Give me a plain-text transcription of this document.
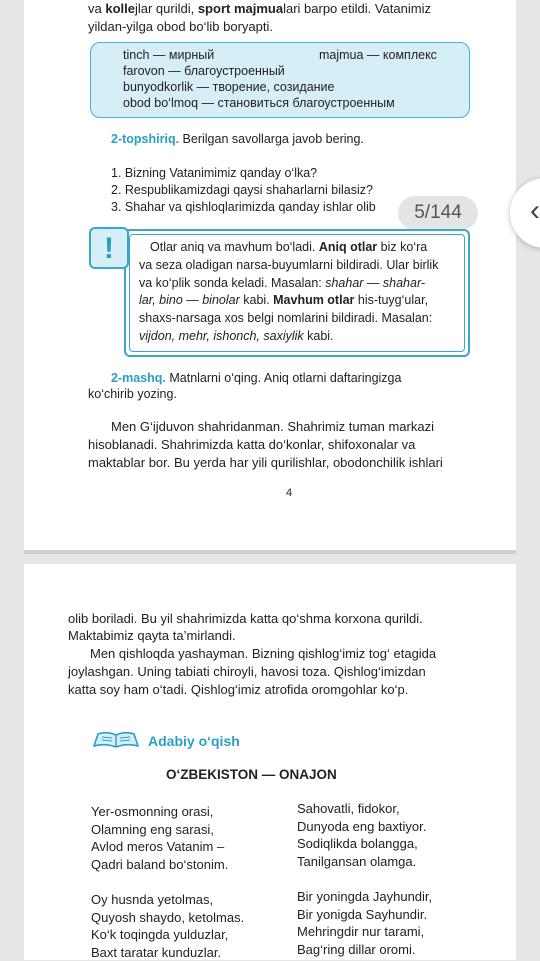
va kollejlar qurildi, sport majmualari barpo etildi. Vatanimiz
yildan-yilga obod bo‘lib boryapti.
tinch — мирный	majmua — комплекс
farovon — благоустроенный
bunyodkorlik — творение, созидание
obod bo‘lmoq — становиться благоустроенным
2-topshiriq. Berilgan savollarga javob bering.
1. Bizning Vatanimimiz qanday o‘lka?
2. Respublikamizdagi qaysi shaharlarni bilasiz?
3. Shahar va qishloqlarimizda qanday ishlar olib	5/144
!	Otlar aniq va mavhum bo‘ladi. Aniq otlar biz ko‘ra
va seza oladigan narsa-buyumlarni bildiradi. Ular birlik
va ko‘plik sonda keladi. Masalan: shahar — shahar-
lar, bino — binolar kabi. Mavhum otlar his-tuyg‘ular,
shaxs-narsaga xos belgi nomlarini bildiradi. Masalan:
vijdon, mehr, ishonch, saxiylik kabi.
2-mashq. Matnlarni o‘qing. Aniq otlarni daftaringizga
ko‘chirib yozing.
Men G‘ijduvon shahridanman. Shahrimiz tuman markazi
hisoblanadi. Shahrimizda katta do‘konlar, shifoxonalar va
maktablar bor. Bu yerda har yili qurilishlar, obodonchilik ishlari
4
‹
olib boriladi. Bu yil shahrimizda katta qo‘shma korxona qurildi.
Maktabimiz qayta ta’mirlandi.
Men qishloqda yashayman. Bizning qishlog‘imiz tog‘ etagida
joylashgan. Uning tabiati chiroyli, havosi toza. Qishlog‘imizdan
katta soy ham o‘tadi. Qishlog‘imiz atrofida oromgohlar ko‘p.
Adabiy o‘qish
O‘ZBEKISTON — ONAJON
Yer-osmonning orasi,
Olamning eng sarasi,
Avlod meros Vatanim –
Qadri baland bo‘stonim.
Sahovatli, fidokor,
Dunyoda eng baxtiyor.
Sodiqlikda bolangga,
Tanilgansan olamga.
Oy husnda yetolmas,
Quyosh shaydo, ketolmas.
Ko‘k toqingda yulduzlar,
Baxt taratar kunduzlar.
Bir yoningda Jayhundir,
Bir yonigda Sayhundir.
Mehringdir nur tarami,
Bag‘ring dillar oromi.
